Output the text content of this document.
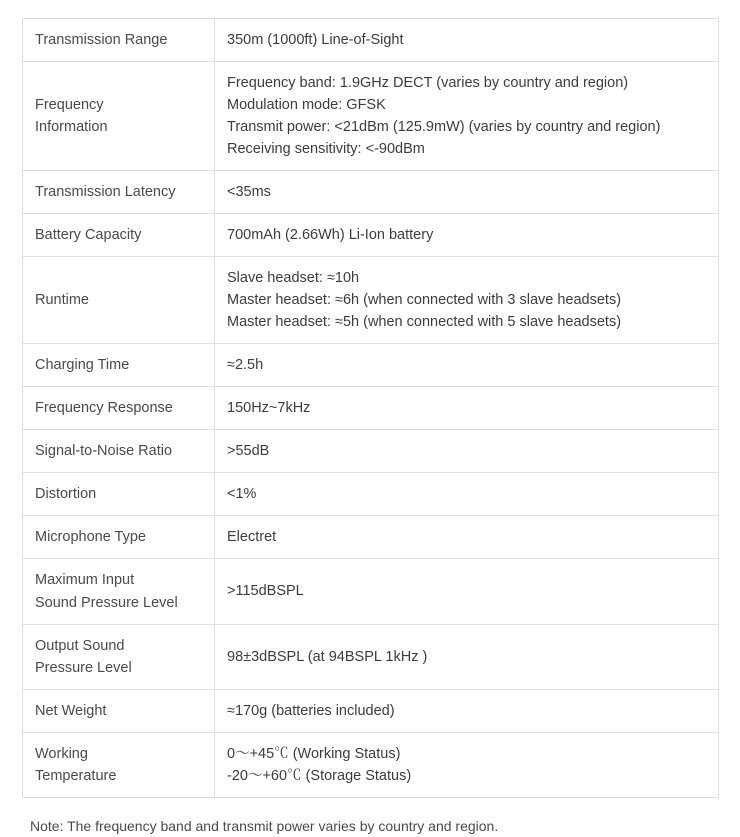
Transmission Range	350m (1000ft) Line-of-Sight

Frequency
Information	Frequency band: 1.9GHz DECT (varies by country and region)
Modulation mode: GFSK
Transmit power: <21dBm (125.9mW) (varies by country and region)
Receiving sensitivity: <-90dBm

Transmission Latency	<35ms

Battery Capacity	700mAh (2.66Wh) Li-Ion battery

Runtime	Slave headset: ≈10h
Master headset: ≈6h (when connected with 3 slave headsets)
Master headset: ≈5h (when connected with 5 slave headsets)

Charging Time	≈2.5h

Frequency Response	150Hz~7kHz

Signal-to-Noise Ratio	>55dB

Distortion	<1%

Microphone Type	Electret

Maximum Input
Sound Pressure Level	>115dBSPL

Output Sound
Pressure Level	98±3dBSPL (at 94BSPL 1kHz )

Net Weight	≈170g (batteries included)

Working
Temperature	0～+45℃ (Working Status)
-20～+60℃ (Storage Status)
Note: The frequency band and transmit power varies by country and region.
